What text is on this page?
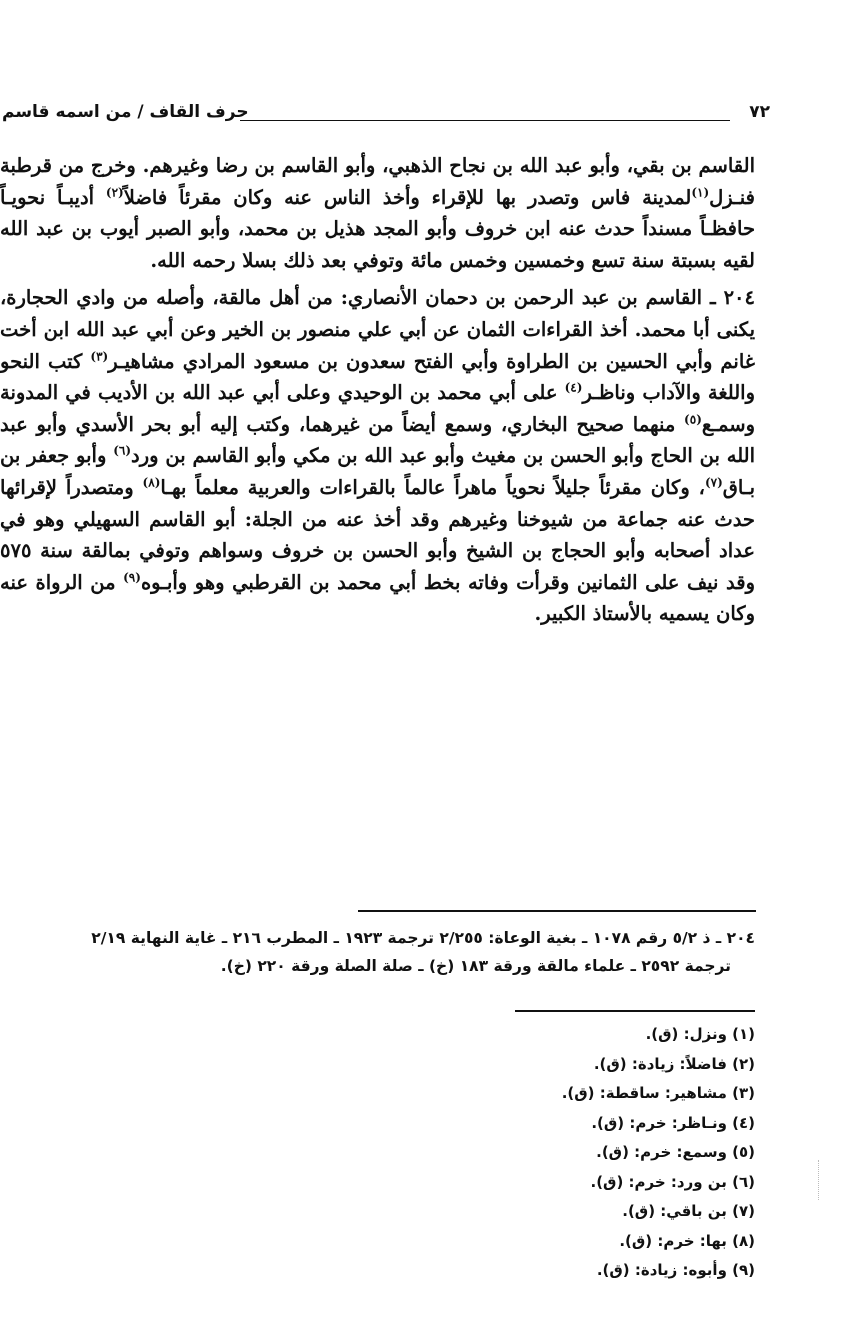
٧٢
حرف القاف / من اسمه قاسم

القاسم بن بقي، وأبو عبد الله بن نجاح الذهبي، وأبو القاسم بن رضا وغيرهم. وخرج من قرطبة فنـزل$^{(١)}$لمدينة فاس وتصدر بها للإقراء وأخذ الناس عنه وكان مقرئاً فاضلاً$^{(٢)}$ أديبـاً نحويـاً حافظـاً مسنداً حدث عنه ابن خروف وأبو المجد هذيل بن محمد، وأبو الصبر أيوب بن عبد الله لقيه بسبتة سنة تسع وخمسين وخمس مائة وتوفي بعد ذلك بسلا رحمه الله.

٢٠٤ ـ القاسم بن عبد الرحمن بن دحمان الأنصاري: من أهل مالقة، وأصله من وادي الحجارة، يكنى أبا محمد. أخذ القراءات الثمان عن أبي علي منصور بن الخير وعن أبي عبد الله ابن أخت غانم وأبي الحسين بن الطراوة وأبي الفتح سعدون بن مسعود المرادي مشاهيـر$^{(٣)}$ كتب النحو واللغة والآداب وناظـر$^{(٤)}$ على أبي محمد بن الوحيدي وعلى أبي عبد الله بن الأديب في المدونة وسمـع$^{(٥)}$ منهما صحيح البخاري، وسمع أيضاً من غيرهما، وكتب إليه أبو بحر الأسدي وأبو عبد الله بن الحاج وأبو الحسن بن مغيث وأبو عبد الله بن مكي وأبو القاسم بن ورد$^{(٦)}$ وأبو جعفر بن بـاق$^{(٧)}$، وكان مقرئاً جليلاً نحوياً ماهراً عالماً بالقراءات والعربية معلماً بهـا$^{(٨)}$ ومتصدراً لإقرائها حدث عنه جماعة من شيوخنا وغيرهم وقد أخذ عنه من الجلة: أبو القاسم السهيلي وهو في عداد أصحابه وأبو الحجاج بن الشيخ وأبو الحسن بن خروف وسواهم وتوفي بمالقة سنة ٥٧٥ وقد نيف على الثمانين وقرأت وفاته بخط أبي محمد بن القرطبي وهو وأبـوه$^{(٩)}$ من الرواة عنه وكان يسميه بالأستاذ الكبير.

٢٠٤ ـ ذ ٥/٢ رقم ١٠٧٨ ـ بغية الوعاة: ٢/٢٥٥ ترجمة ١٩٢٣ ـ المطرب ٢١٦ ـ غاية النهاية ٢/١٩
ترجمة ٢٥٩٢ ـ علماء مالقة ورقة ١٨٣ (خ) ـ صلة الصلة ورقة ٢٢٠ (خ).
(١) ونزل: (ق).
(٢) فاضلاً: زيادة: (ق).
(٣) مشاهير: ساقطة: (ق).
(٤) ونـاظر: خرم: (ق).
(٥) وسمع: خرم: (ق).
(٦) بن ورد: خرم: (ق).
(٧) بن باقي: (ق).
(٨) بها: خرم: (ق).
(٩) وأبوه: زيادة: (ق).
